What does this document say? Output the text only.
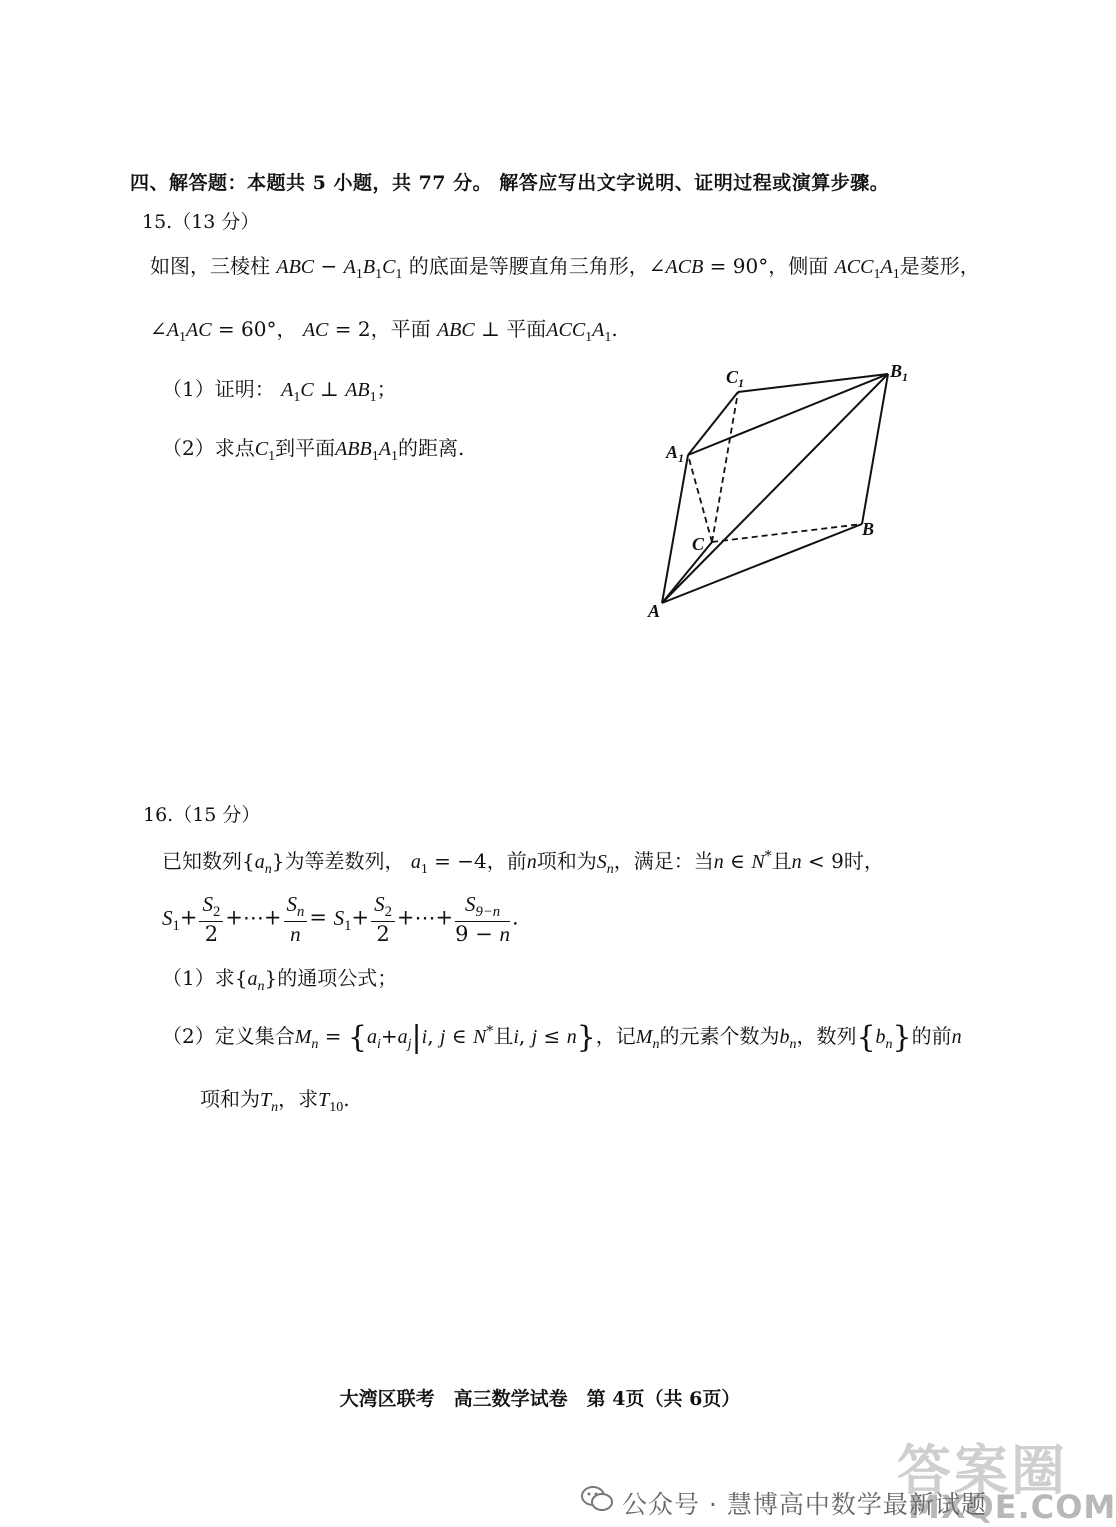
四、解答题：本题共 5 小题，共 77 分。 解答应写出文字说明、证明过程或演算步骤。
15.（13 分）
如图，三棱柱 ABC − $A_1B_1C_1$ 的底面是等腰直角三角形，∠ACB = 90°，侧面 $ACC_1A_1$是菱形，
$\angle A_1AC = 60^\circ$， AC = 2，平面 ABC ⊥ 平面$ACC_1A_1$.
（1）证明： $A_1C$ ⊥ $AB_1$；
（2）求点$C_1$到平面$ABB_1A_1$的距离.
$C_1$
$B_1$
$A_1$
C
B
A
16.（15 分）
已知数列$\{a_n\}$为等差数列， $a_1 = -4$，前n项和为$S_n$，满足：当n ∈ N*且n < 9时，
$S_1+ \frac{S_2}{2}$ +⋯+ $\frac{S_n}{n} = S_1+ \frac{S_2}{2}$ +⋯+ $\frac{S_{9-n}}{9 - n}$ .
（1）求$\{a_n\}$的通项公式；
（2）定义集合$M_n = \{a_i+a_j|i$, j ∈ N*且i, j ≤ n}，记$M_n$的元素个数为$b_n$，数列$\{b_n\}$的前n
项和为$T_n$，求$T_{10}$.
大湾区联考　高三数学试卷　第 4页（共 6页）
答案圈
MXQE.COM
公众号 · 慧博高中数学最新试题
